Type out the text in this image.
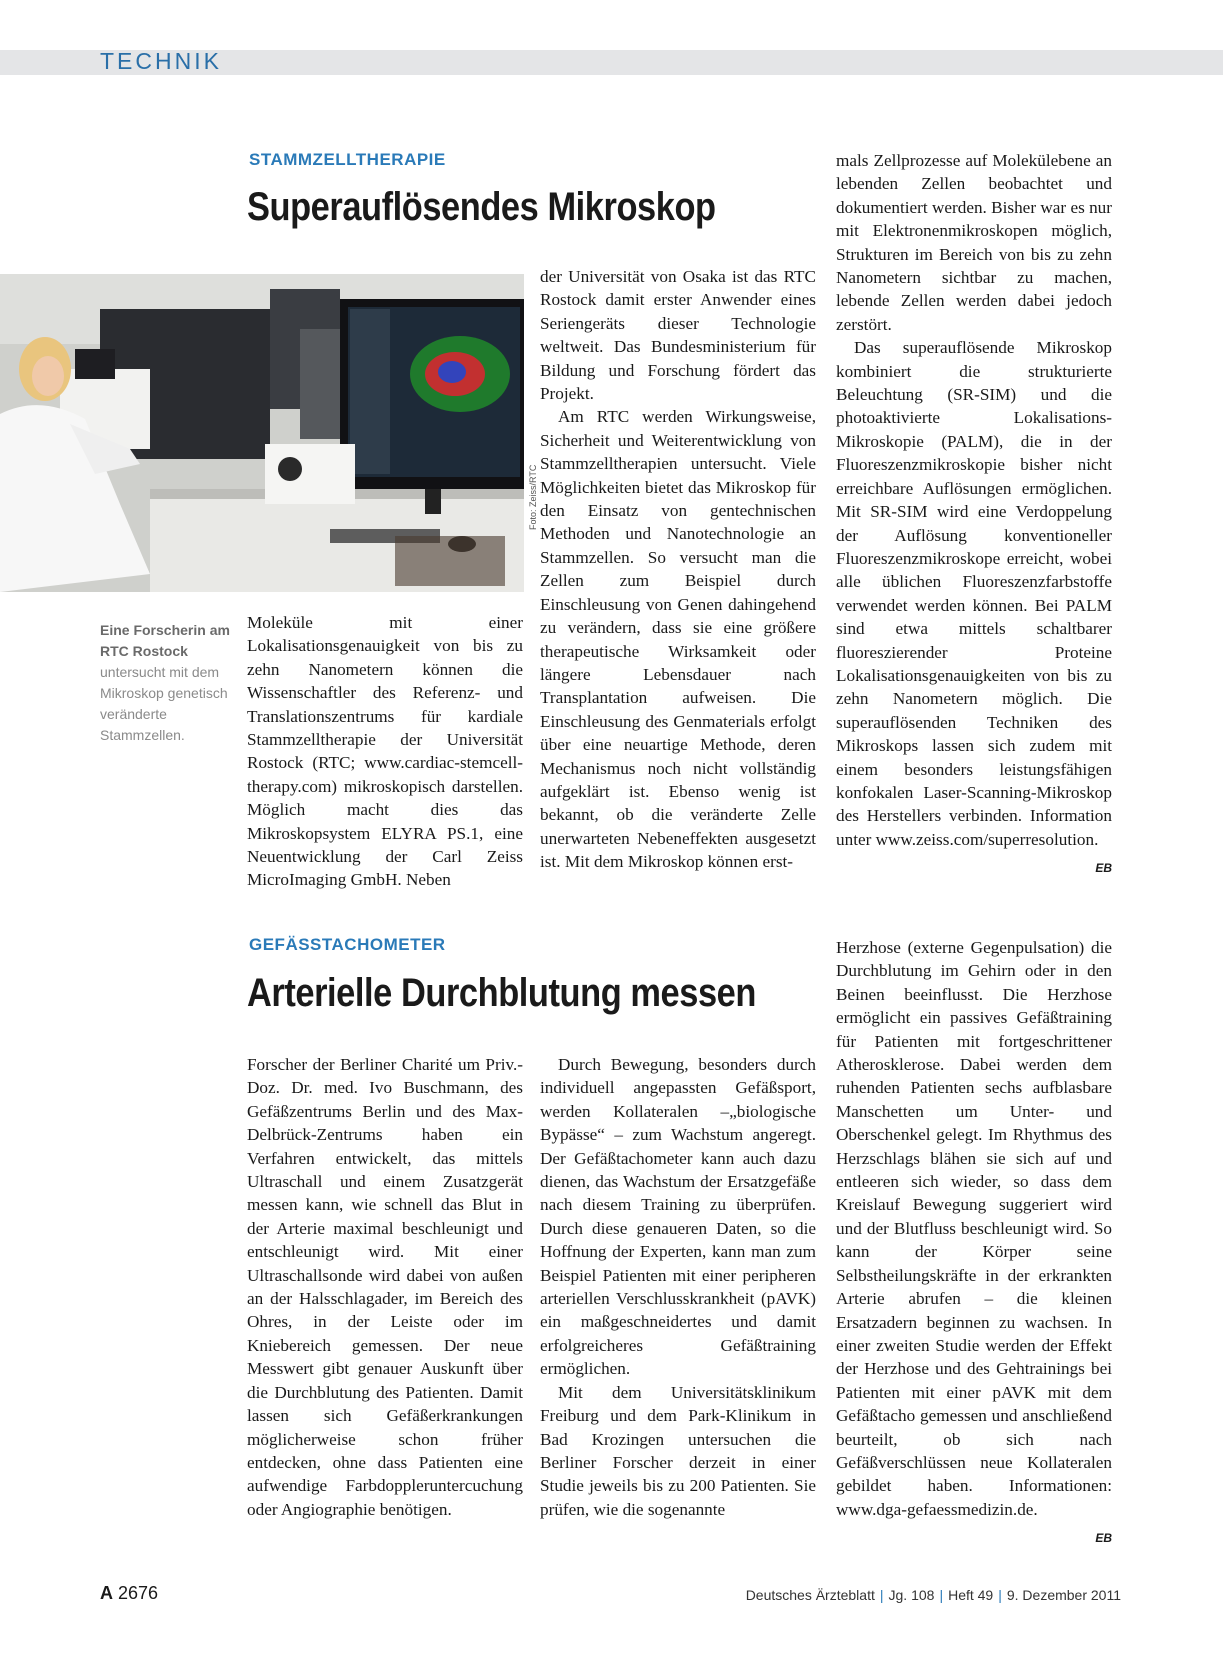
TECHNIK
STAMMZELLTHERAPIE
Superauflösendes Mikroskop
Foto: Zeiss/RTC
Eine Forscherin am RTC Rostock untersucht mit dem Mikroskop genetisch veränderte Stammzellen.

Moleküle mit einer Lokalisationsgenauigkeit von bis zu zehn Nanometern können die Wissenschaftler des Referenz- und Translationszentrums für kardiale Stammzelltherapie der Universität Rostock (RTC; www.cardiac-stemcell-therapy.com) mikroskopisch darstellen. Möglich macht dies das Mikroskopsystem ELYRA PS.1, eine Neuentwicklung der Carl Zeiss MicroImaging GmbH. Neben

der Universität von Osaka ist das RTC Rostock damit erster Anwender eines Seriengeräts dieser Technologie weltweit. Das Bundesministerium für Bildung und Forschung fördert das Projekt.

Am RTC werden Wirkungsweise, Sicherheit und Weiterentwicklung von Stammzelltherapien untersucht. Viele Möglichkeiten bietet das Mikroskop für den Einsatz von gentechnischen Methoden und Nanotechnologie an Stammzellen. So versucht man die Zellen zum Beispiel durch Einschleusung von Genen dahingehend zu verändern, dass sie eine größere therapeutische Wirksamkeit oder längere Lebensdauer nach Transplantation aufweisen. Die Einschleusung des Genmaterials erfolgt über eine neuartige Methode, deren Mechanismus noch nicht vollständig aufgeklärt ist. Ebenso wenig ist bekannt, ob die veränderte Zelle unerwarteten Nebeneffekten ausgesetzt ist. Mit dem Mikroskop können erst-

mals Zellprozesse auf Molekülebene an lebenden Zellen beobachtet und dokumentiert werden. Bisher war es nur mit Elektronenmikroskopen möglich, Strukturen im Bereich von bis zu zehn Nanometern sichtbar zu machen, lebende Zellen werden dabei jedoch zerstört.

Das superauflösende Mikroskop kombiniert die strukturierte Beleuchtung (SR-SIM) und die photoaktivierte Lokalisations-Mikroskopie (PALM), die in der Fluoreszenzmikroskopie bisher nicht erreichbare Auflösungen ermöglichen. Mit SR-SIM wird eine Verdoppelung der Auflösung konventioneller Fluoreszenzmikroskope erreicht, wobei alle üblichen Fluoreszenzfarbstoffe verwendet werden können. Bei PALM sind etwa mittels schaltbarer fluoreszierender Proteine Lokalisationsgenauigkeiten von bis zu zehn Nanometern möglich. Die superauflösenden Techniken des Mikroskops lassen sich zudem mit einem besonders leistungsfähigen konfokalen Laser-Scanning-Mikroskop des Herstellers verbinden. Information unter www.zeiss.com/superresolution.

EB
GEFÄSSTACHOMETER
Arterielle Durchblutung messen

Forscher der Berliner Charité um Priv.-Doz. Dr. med. Ivo Buschmann, des Gefäßzentrums Berlin und des Max-Delbrück-Zentrums haben ein Verfahren entwickelt, das mittels Ultraschall und einem Zusatzgerät messen kann, wie schnell das Blut in der Arterie maximal beschleunigt und entschleunigt wird. Mit einer Ultraschallsonde wird dabei von außen an der Halsschlagader, im Bereich des Ohres, in der Leiste oder im Kniebereich gemessen. Der neue Messwert gibt genauer Auskunft über die Durchblutung des Patienten. Damit lassen sich Gefäßerkrankungen möglicherweise schon früher entdecken, ohne dass Patienten eine aufwendige Farbdopplerunterсuchung oder Angiographie benötigen.

Durch Bewegung, besonders durch individuell angepassten Gefäßsport, werden Kollateralen –„biologische Bypässe“ – zum Wachstum angeregt. Der Gefäßtachometer kann auch dazu dienen, das Wachstum der Ersatzgefäße nach diesem Training zu überprüfen. Durch diese genaueren Daten, so die Hoffnung der Experten, kann man zum Beispiel Patienten mit einer peripheren arteriellen Verschlusskrankheit (pAVK) ein maßgeschneidertes und damit erfolgreicheres Gefäßtraining ermöglichen.

Mit dem Universitätsklinikum Freiburg und dem Park-Klinikum in Bad Krozingen untersuchen die Berliner Forscher derzeit in einer Studie jeweils bis zu 200 Patienten. Sie prüfen, wie die sogenannte

Herzhose (externe Gegenpulsation) die Durchblutung im Gehirn oder in den Beinen beeinflusst. Die Herzhose ermöglicht ein passives Gefäßtraining für Patienten mit fortgeschrittener Atherosklerose. Dabei werden dem ruhenden Patienten sechs aufblasbare Manschetten um Unter- und Oberschenkel gelegt. Im Rhythmus des Herzschlags blähen sie sich auf und entleeren sich wieder, so dass dem Kreislauf Bewegung suggeriert wird und der Blutfluss beschleunigt wird. So kann der Körper seine Selbstheilungskräfte in der erkrankten Arterie abrufen – die kleinen Ersatzadern beginnen zu wachsen. In einer zweiten Studie werden der Effekt der Herzhose und des Gehtrainings bei Patienten mit einer pAVK mit dem Gefäßtacho gemessen und anschließend beurteilt, ob sich nach Gefäßverschlüssen neue Kollateralen gebildet haben. Informationen: www.dga-gefaessmedizin.de.

EB
A 2676	Deutsches Ärzteblatt | Jg. 108 | Heft 49 | 9. Dezember 2011
